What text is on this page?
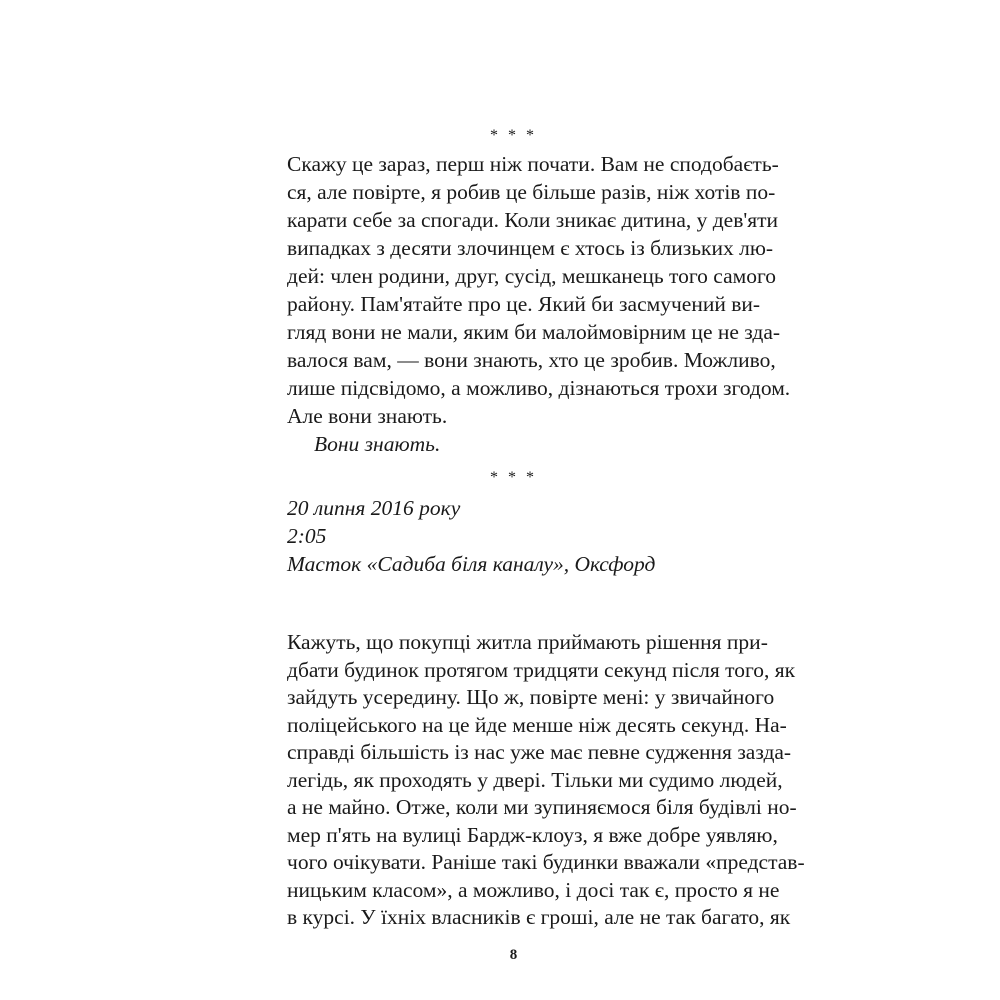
* * *
Скажу це зараз, перш ніж почати. Вам не сподобаєть-
ся, але повірте, я робив це більше разів, ніж хотів по-
карати себе за спогади. Коли зникає дитина, у дев'яти
випадках з десяти злочинцем є хтось із близьких лю-
дей: член родини, друг, сусід, мешканець того самого
району. Пам'ятайте про це. Який би засмучений ви-
гляд вони не мали, яким би малоймовірним це не зда-
валося вам, — вони знають, хто це зробив. Можливо,
лише підсвідомо, а можливо, дізнаються трохи згодом.
Але вони знають.
Вони знають.
* * *
20 липня 2016 року
2:05
Масток «Садиба біля каналу», Оксфорд
Кажуть, що покупці житла приймають рішення при-
дбати будинок протягом тридцяти секунд після того, як
зайдуть усередину. Що ж, повірте мені: у звичайного
поліцейського на це йде менше ніж десять секунд. На-
справді більшість із нас уже має певне судження зазда-
легідь, як проходять у двері. Тільки ми судимо людей,
а не майно. Отже, коли ми зупиняємося біля будівлі но-
мер п'ять на вулиці Бардж-клоуз, я вже добре уявляю,
чого очікувати. Раніше такі будинки вважали «представ-
ницьким класом», а можливо, і досі так є, просто я не
в курсі. У їхніх власників є гроші, але не так багато, як
8
